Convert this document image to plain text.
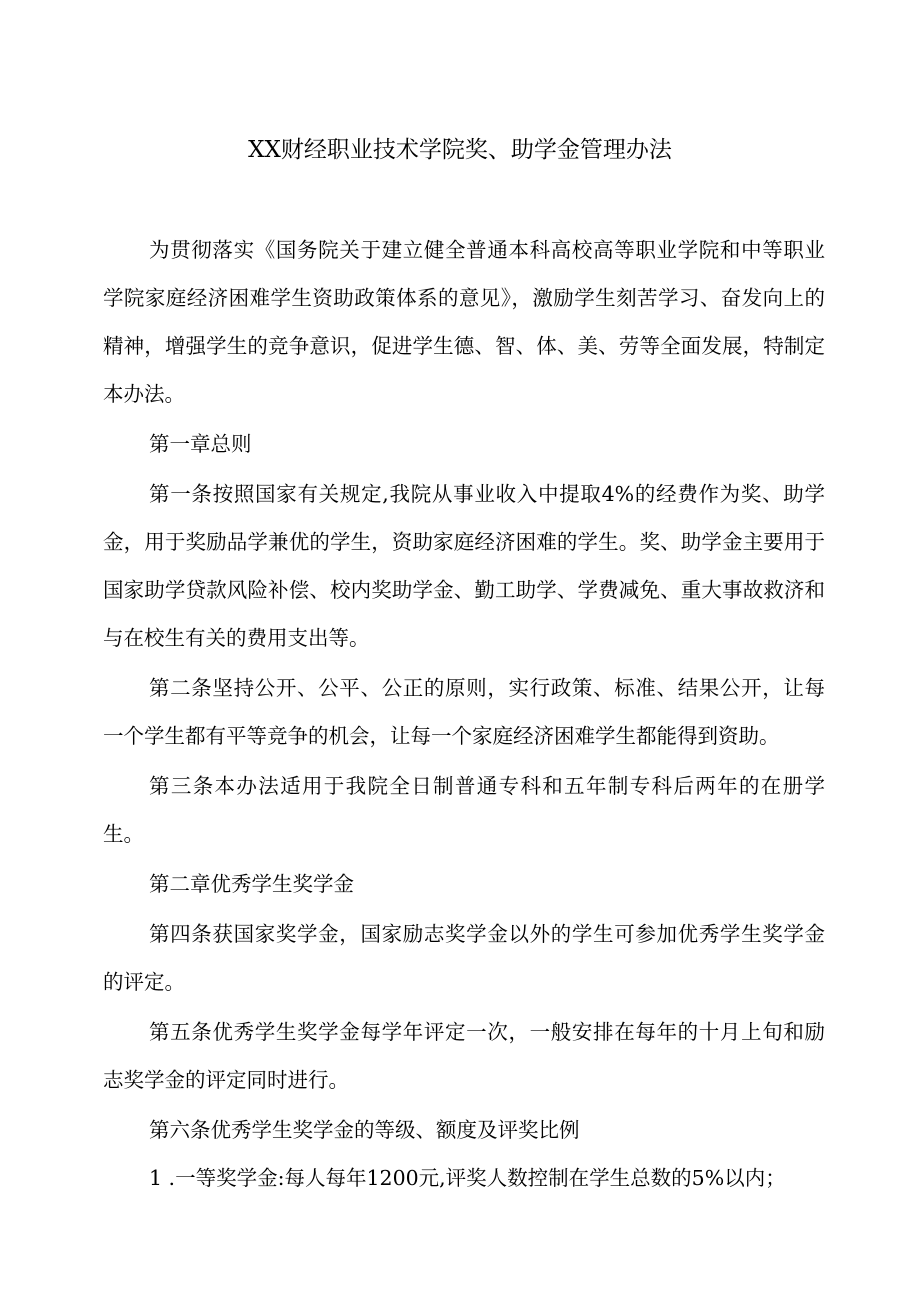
XX财经职业技术学院奖、助学金管理办法

为贯彻落实《国务院关于建立健全普通本科高校高等职业学院和中等职业学院家庭经济困难学生资助政策体系的意见》，激励学生刻苦学习、奋发向上的精神，增强学生的竞争意识，促进学生德、智、体、美、劳等全面发展，特制定本办法。

第一章总则

第一条按照国家有关规定,我院从事业收入中提取4%的经费作为奖、助学金，用于奖励品学兼优的学生，资助家庭经济困难的学生。奖、助学金主要用于国家助学贷款风险补偿、校内奖助学金、勤工助学、学费减免、重大事故救济和与在校生有关的费用支出等。

第二条坚持公开、公平、公正的原则，实行政策、标准、结果公开，让每一个学生都有平等竞争的机会，让每一个家庭经济困难学生都能得到资助。

第三条本办法适用于我院全日制普通专科和五年制专科后两年的在册学生。

第二章优秀学生奖学金

第四条获国家奖学金，国家励志奖学金以外的学生可参加优秀学生奖学金的评定。

第五条优秀学生奖学金每学年评定一次，一般安排在每年的十月上旬和励志奖学金的评定同时进行。

第六条优秀学生奖学金的等级、额度及评奖比例

1 .一等奖学金:每人每年1200元,评奖人数控制在学生总数的5%以内；
